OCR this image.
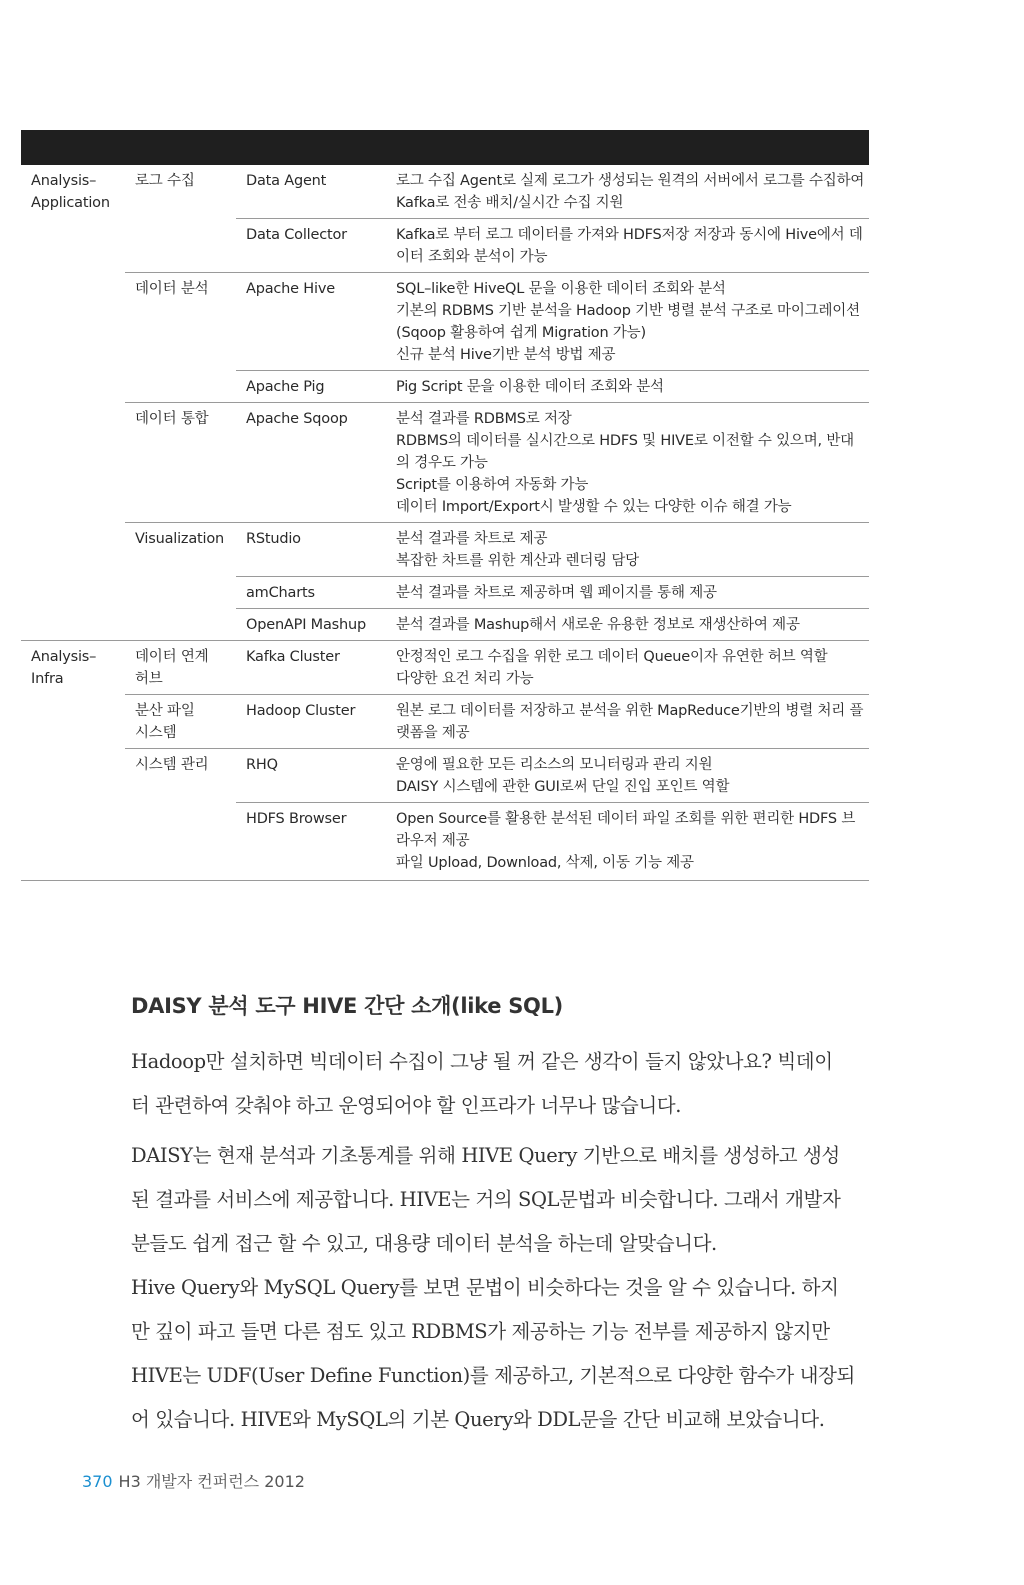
Analysis–
Application	로그 수집	Data Agent	로그 수집 Agent로 실제 로그가 생성되는 원격의 서버에서 로그를 수집하여
Kafka로 전송 배치/실시간 수집 지원

		Data Collector	Kafka로 부터 로그 데이터를 가져와 HDFS저장 저장과 동시에 Hive에서 데
이터 조회와 분석이 가능

	데이터 분석	Apache Hive	SQL–like한 HiveQL 문을 이용한 데이터 조회와 분석
기본의 RDBMS 기반 분석을 Hadoop 기반 병렬 분석 구조로 마이그레이션
(Sqoop 활용하여 쉽게 Migration 가능)
신규 분석 Hive기반 분석 방법 제공

		Apache Pig	Pig Script 문을 이용한 데이터 조회와 분석

	데이터 통합	Apache Sqoop	분석 결과를 RDBMS로 저장
RDBMS의 데이터를 실시간으로 HDFS 및 HIVE로 이전할 수 있으며, 반대
의 경우도 가능
Script를 이용하여 자동화 가능
데이터 Import/Export시 발생할 수 있는 다양한 이슈 해결 가능

	Visualization	RStudio	분석 결과를 차트로 제공
복잡한 차트를 위한 계산과 렌더링 담당

		amCharts	분석 결과를 차트로 제공하며 웹 페이지를 통해 제공

		OpenAPI Mashup	분석 결과를 Mashup해서 새로운 유용한 정보로 재생산하여 제공

Analysis–
Infra	데이터 연계
허브	Kafka Cluster	안정적인 로그 수집을 위한 로그 데이터 Queue이자 유연한 허브 역할
다양한 요건 처리 가능

	분산 파일
시스템	Hadoop Cluster	원본 로그 데이터를 저장하고 분석을 위한 MapReduce기반의 병렬 처리 플
랫폼을 제공

	시스템 관리	RHQ	운영에 필요한 모든 리소스의 모니터링과 관리 지원
DAISY 시스템에 관한 GUI로써 단일 진입 포인트 역할

		HDFS Browser	Open Source를 활용한 분석된 데이터 파일 조회를 위한 편리한 HDFS 브
라우저 제공
파일 Upload, Download, 삭제, 이동 기능 제공
DAISY 분석 도구 HIVE 간단 소개(like SQL)
Hadoop만 설치하면 빅데이터 수집이 그냥 될 꺼 같은 생각이 들지 않았나요? 빅데이
터 관련하여 갖춰야 하고 운영되어야 할 인프라가 너무나 많습니다.
DAISY는 현재 분석과 기초통계를 위해 HIVE Query 기반으로 배치를 생성하고 생성
된 결과를 서비스에 제공합니다. HIVE는 거의 SQL문법과 비슷합니다. 그래서 개발자
분들도 쉽게 접근 할 수 있고, 대용량 데이터 분석을 하는데 알맞습니다.
Hive Query와 MySQL Query를 보면 문법이 비슷하다는 것을 알 수 있습니다. 하지
만 깊이 파고 들면 다른 점도 있고 RDBMS가 제공하는 기능 전부를 제공하지 않지만
HIVE는 UDF(User Define Function)를 제공하고, 기본적으로 다양한 함수가 내장되
어 있습니다. HIVE와 MySQL의 기본 Query와 DDL문을 간단 비교해 보았습니다.
370 H3 개발자 컨퍼런스 2012
